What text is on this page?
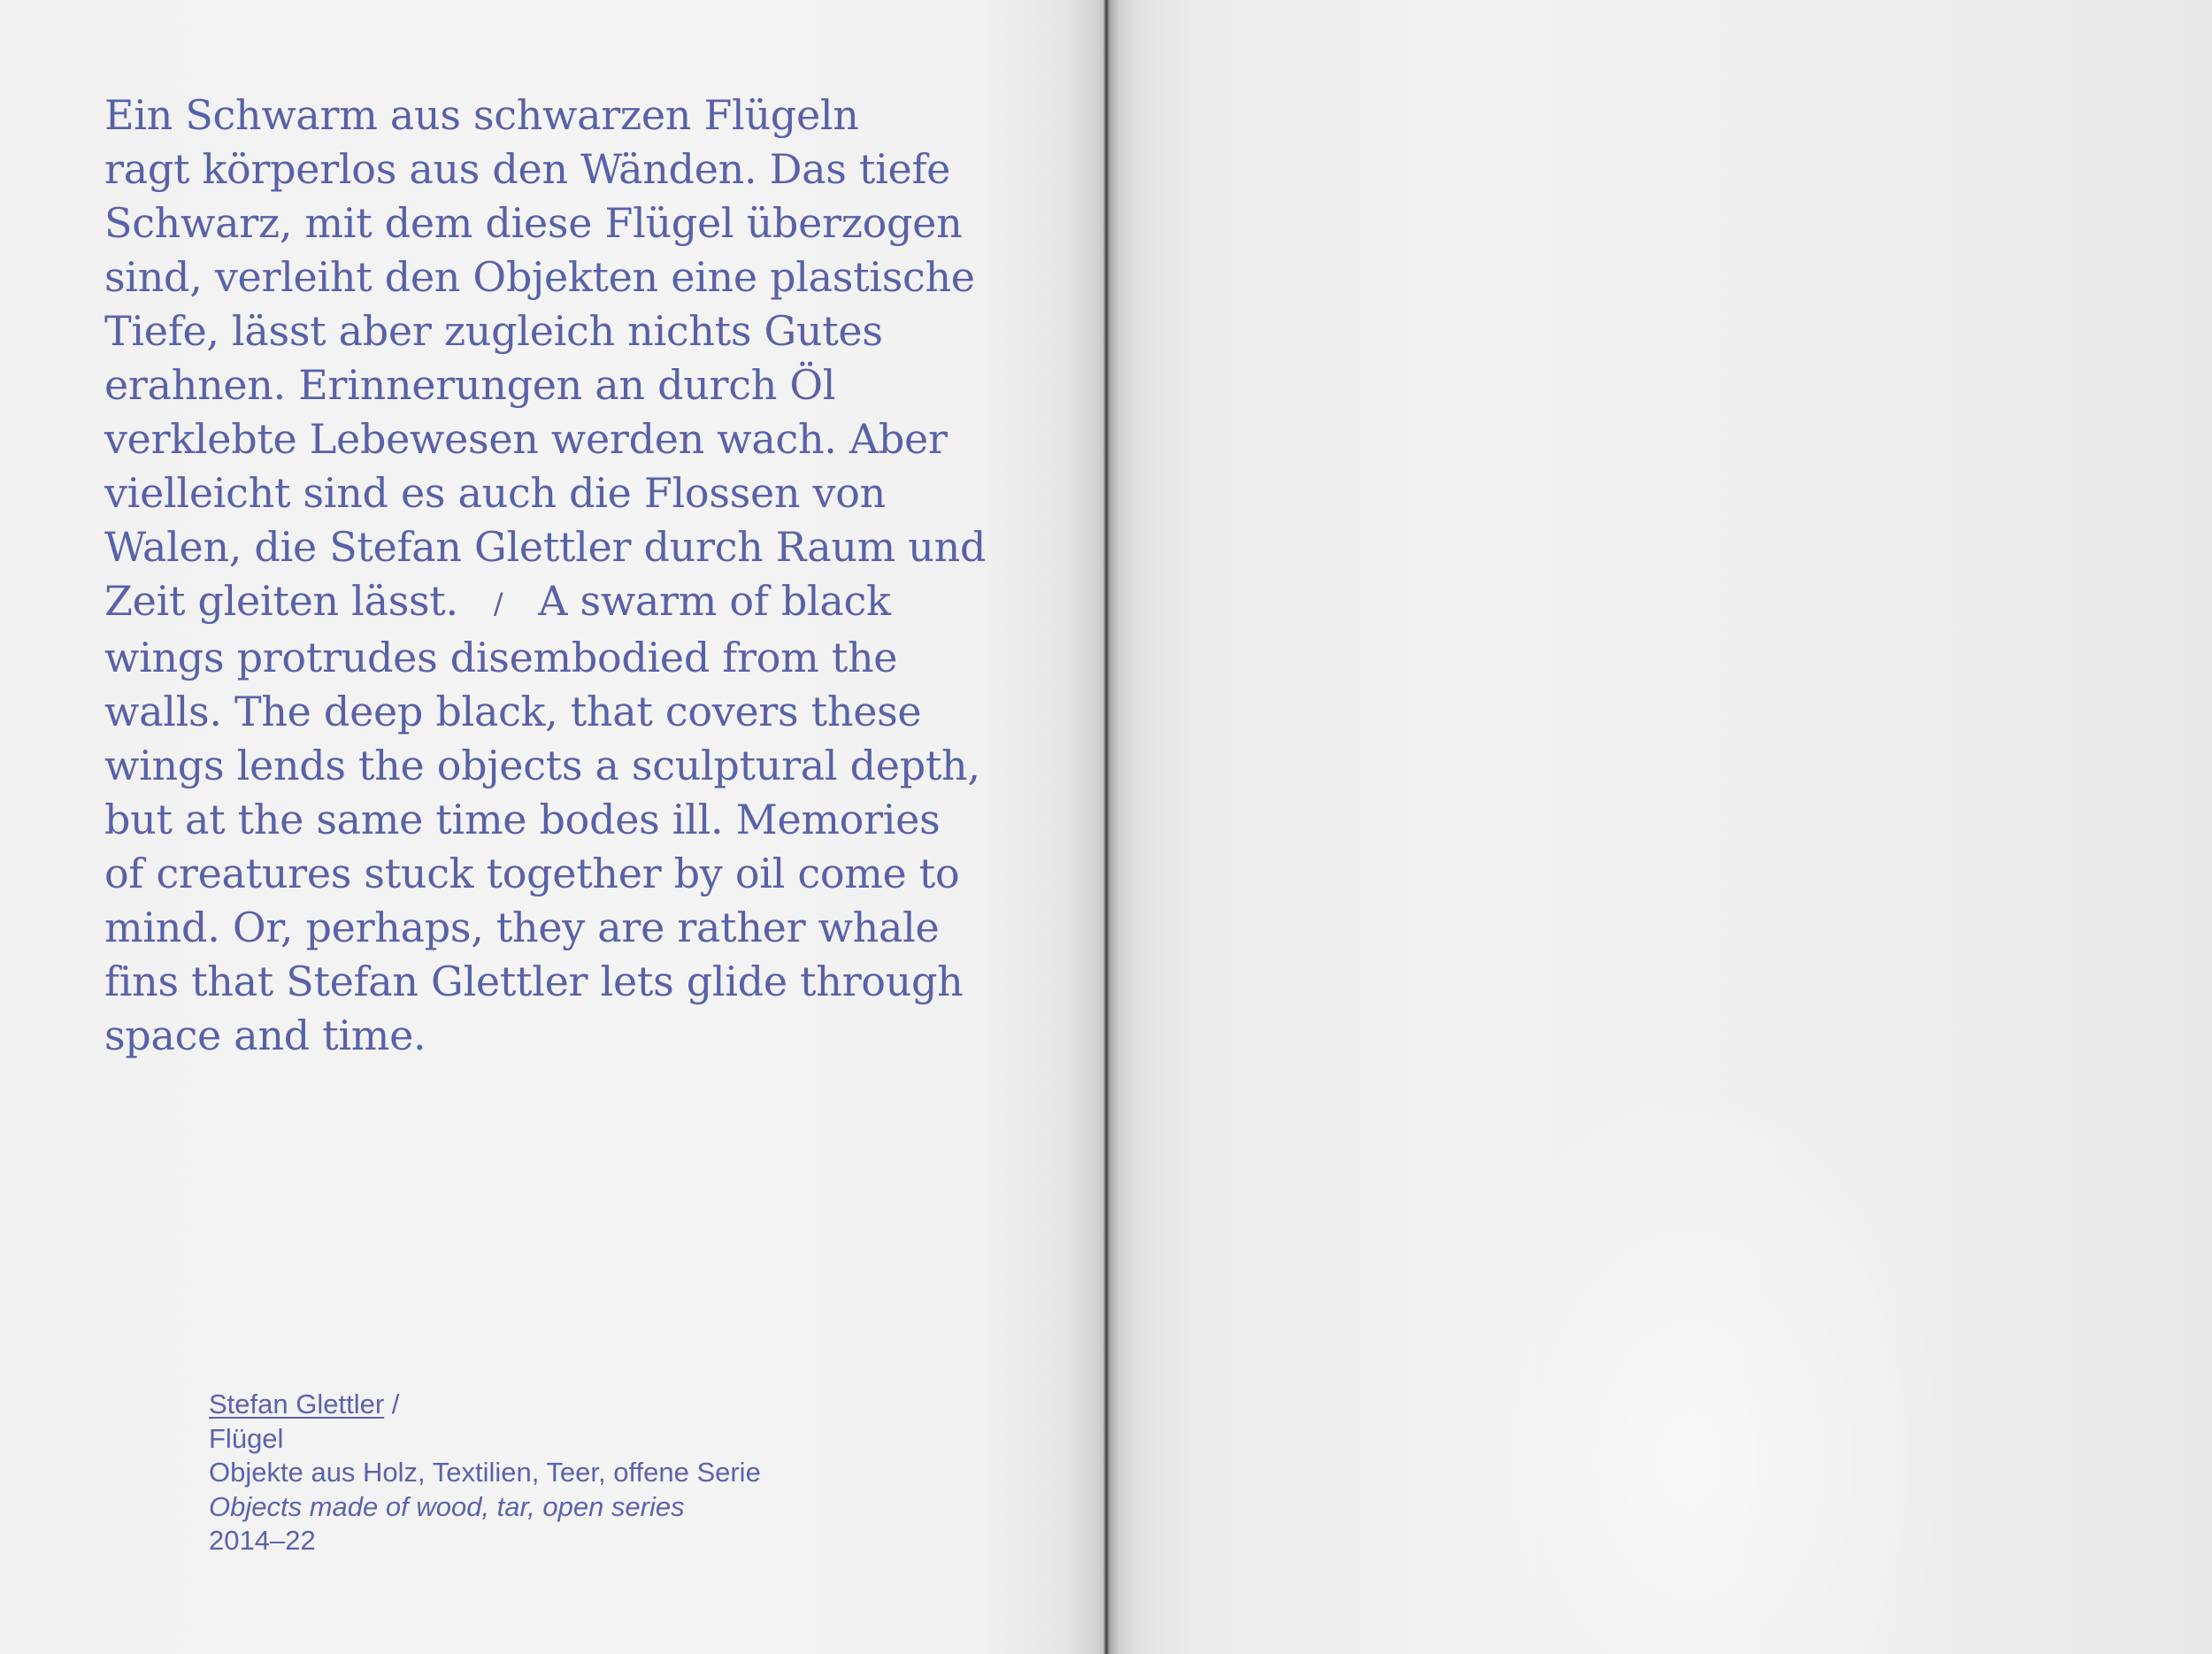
Ein Schwarm aus schwarzen Flügeln
ragt körperlos aus den Wänden. Das tiefe
Schwarz, mit dem diese Flügel überzogen
sind, verleiht den Objekten eine plastische
Tiefe, lässt aber zugleich nichts Gutes
erahnen. Erinnerungen an durch Öl
verklebte Lebewesen werden wach. Aber
vielleicht sind es auch die Flossen von
Walen, die Stefan Glettler durch Raum und
Zeit gleiten lässt. / A swarm of black
wings protrudes disembodied from the
walls. The deep black, that covers these
wings lends the objects a sculptural depth,
but at the same time bodes ill. Memories
of creatures stuck together by oil come to
mind. Or, perhaps, they are rather whale
fins that Stefan Glettler lets glide through
space and time.
Stefan Glettler /
Flügel
Objekte aus Holz, Textilien, Teer, offene Serie
Objects made of wood, tar, open series
2014–22
